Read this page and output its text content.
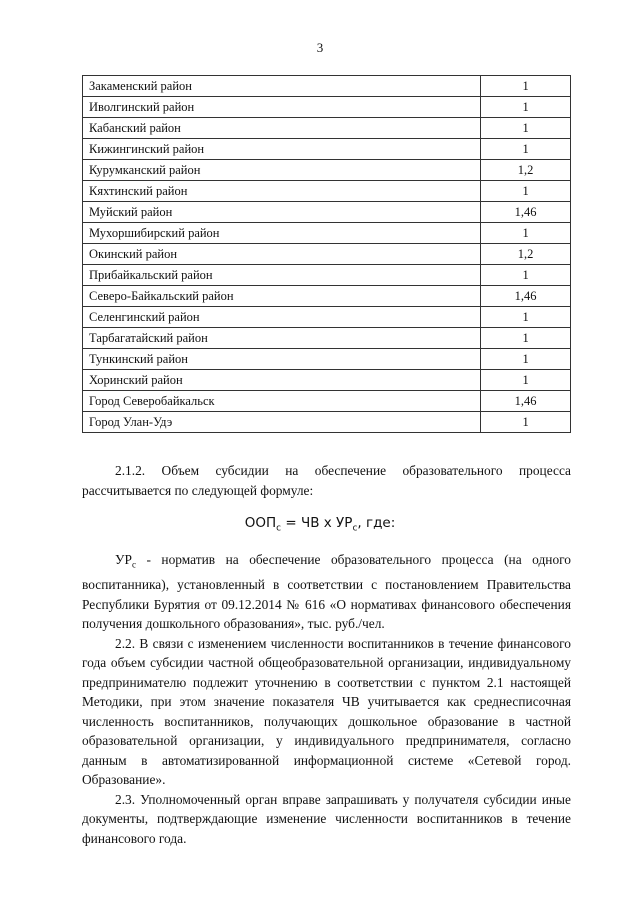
3
Закаменский район	1
Иволгинский район	1
Кабанский район	1
Кижингинский район	1
Курумканский район	1,2
Кяхтинский район	1
Муйский район	1,46
Мухоршибирский район	1
Окинский район	1,2
Прибайкальский район	1
Северо-Байкальский район	1,46
Селенгинский район	1
Тарбагатайский район	1
Тункинский район	1
Хоринский район	1
Город Северобайкальск	1,46
Город Улан-Удэ	1

2.1.2. Объем субсидии на обеспечение образовательного процесса рассчитывается по следующей формуле:

$ООП_с$ = ЧВ х $УР_с$, где:

$УР_с$ - норматив на обеспечение образовательного процесса (на одного воспитанника), установленный в соответствии с постановлением Правительства Республики Бурятия от 09.12.2014 № 616 «О нормативах финансового обеспечения получения дошкольного образования», тыс. руб./чел.

2.2. В связи с изменением численности воспитанников в течение финансового года объем субсидии частной общеобразовательной организации, индивидуальному предпринимателю подлежит уточнению в соответствии с пунктом 2.1 настоящей Методики, при этом значение показателя ЧВ учитывается как среднесписочная численность воспитанников, получающих дошкольное образование в частной образовательной организации, у индивидуального предпринимателя, согласно данным в автоматизированной информационной системе «Сетевой город. Образование».

2.3. Уполномоченный орган вправе запрашивать у получателя субсидии иные документы, подтверждающие изменение численности воспитанников в течение финансового года.
